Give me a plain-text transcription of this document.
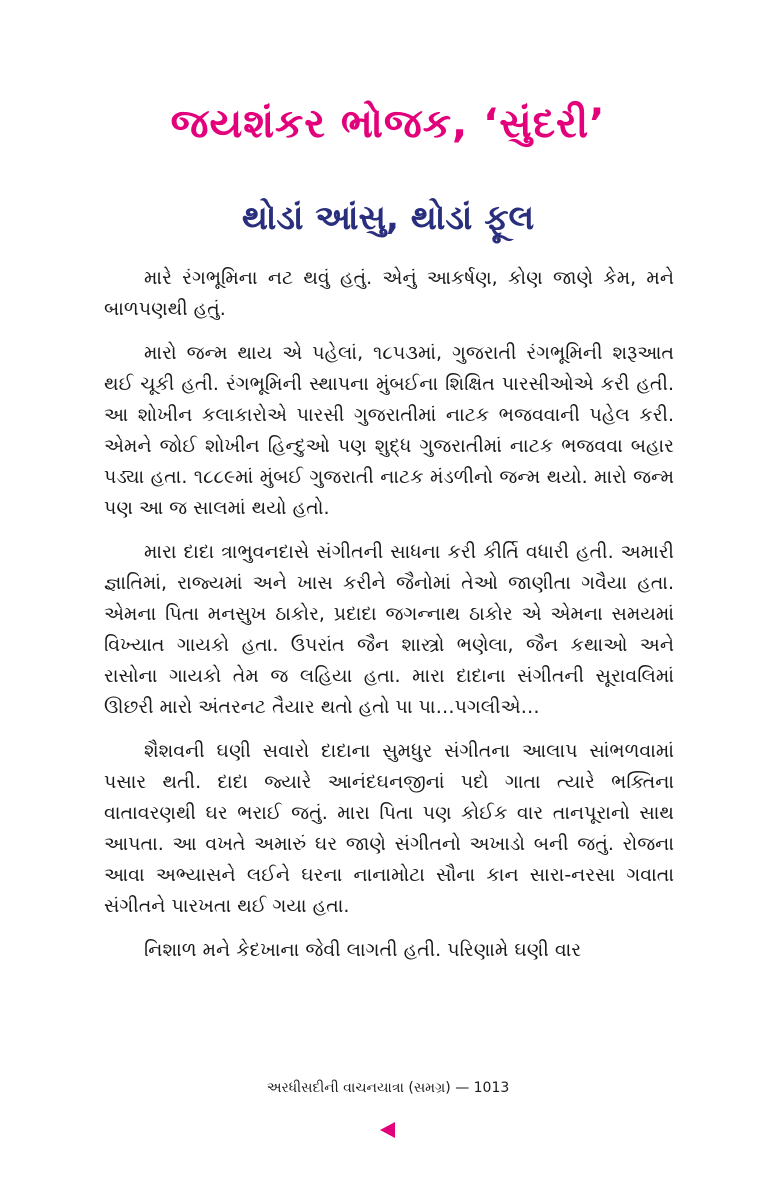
જયશંકર ભોજક, ‘સુંદરી’
થોડાં આંસુ, થોડાં ફૂલ

મારે રંગભૂમિના નટ થવું હતું. એનું આકર્ષણ, કોણ જાણે કેમ, મને બાળપણથી હતું.

મારો જન્મ થાય એ પહેલાં, ૧૮૫૩માં, ગુજરાતી રંગભૂમિની શરૂઆત થઈ ચૂકી હતી. રંગભૂમિની સ્થાપના મુંબઈના શિક્ષિત પારસીઓએ કરી હતી. આ શોખીન કલાકારોએ પારસી ગુજરાતીમાં નાટક ભજવવાની પહેલ કરી. એમને જોઈ શોખીન હિન્દુઓ પણ શુદ્ધ ગુજરાતીમાં નાટક ભજવવા બહાર પડ્યા હતા. ૧૮૮૯માં મુંબઈ ગુજરાતી નાટક મંડળીનો જન્મ થયો. મારો જન્મ પણ આ જ સાલમાં થયો હતો.

મારા દાદા ત્રાભુવનદાસે સંગીતની સાધના કરી કીર્તિ વધારી હતી. અમારી જ્ઞાતિમાં, રાજ્યમાં અને ખાસ કરીને જૈનોમાં તેઓ જાણીતા ગવૈયા હતા. એમના પિતા મનસુખ ઠાકોર, પ્રદાદા જગન્નાથ ઠાકોર એ એમના સમયમાં વિખ્યાત ગાયકો હતા. ઉપરાંત જૈન શાસ્ત્રો ભણેલા, જૈન કથાઓ અને રાસોના ગાયકો તેમ જ લહિયા હતા. મારા દાદાના સંગીતની સૂરાવલિમાં ઊછરી મારો અંતરનટ તૈયાર થતો હતો પા પા…પગલીએ…

શૈશવની ઘણી સવારો દાદાના સુમધુર સંગીતના આલાપ સાંભળવામાં પસાર થતી. દાદા જ્યારે આનંદઘનજીનાં પદો ગાતા ત્યારે ભક્તિના વાતાવરણથી ઘર ભરાઈ જતું. મારા પિતા પણ કોઈક વાર તાનપૂરાનો સાથ આપતા. આ વખતે અમારું ઘર જાણે સંગીતનો અખાડો બની જતું. રોજના આવા અભ્યાસને લઈને ઘરના નાનામોટા સૌના કાન સારા-નરસા ગવાતા સંગીતને પારખતા થઈ ગયા હતા.

નિશાળ મને કેદખાના જેવી લાગતી હતી. પરિણામે ઘણી વાર

અરધીસદીની વાચનયાત્રા (સમગ્ર) — 1013
